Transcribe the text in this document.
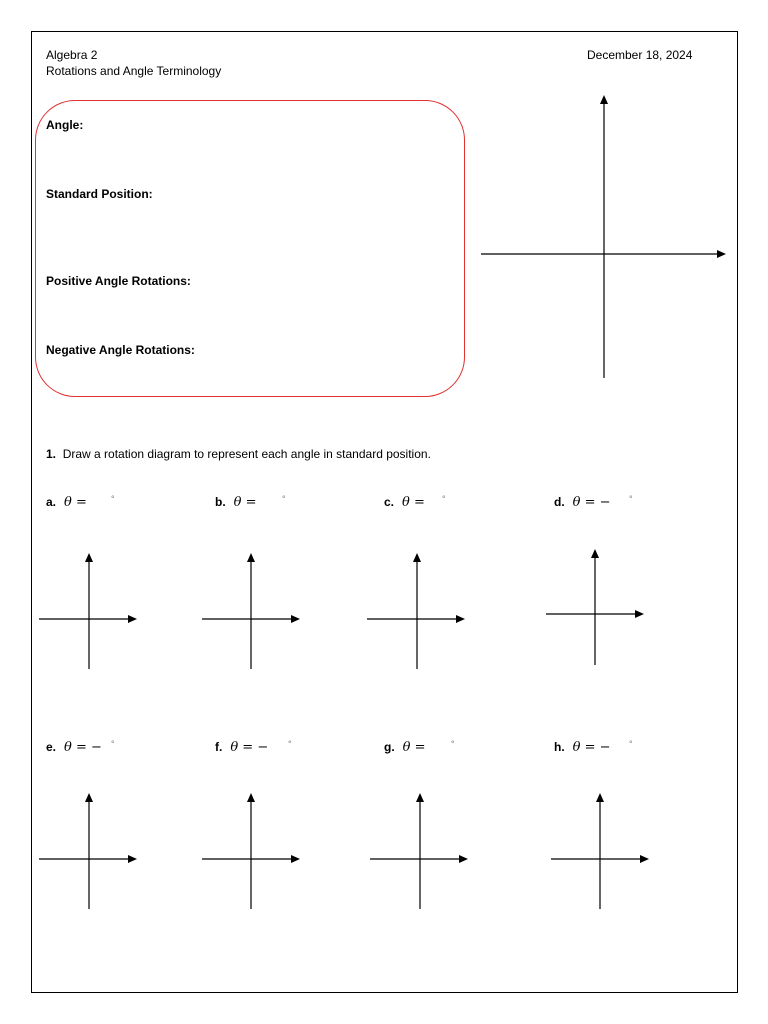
Algebra 2
Rotations and Angle Terminology
December 18, 2024
Angle:
Standard Position:
Positive Angle Rotations:
Negative Angle Rotations:
1. Draw a rotation diagram to represent each angle in standard position.
a. θ =	°	b. θ =	°	c. θ = °	d. θ = − °
e. θ = − °	f. θ = − °	g. θ =	°	h. θ = − °
